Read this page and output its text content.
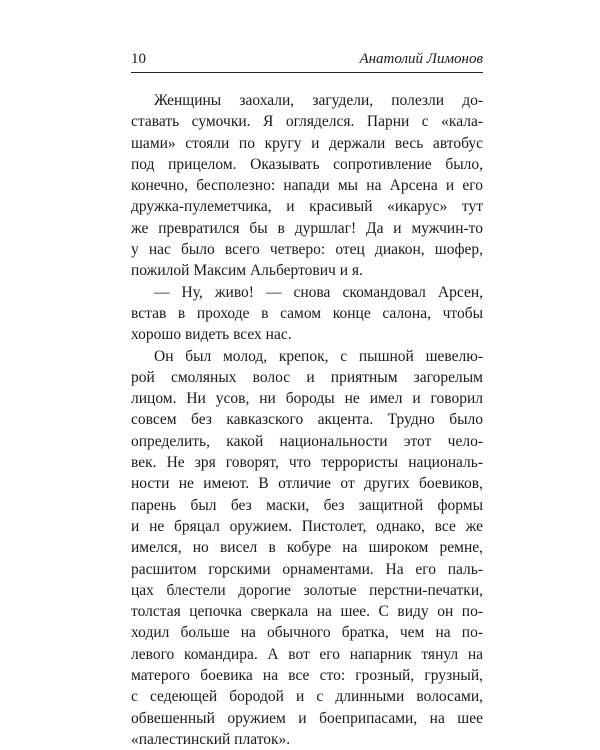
10	Анатолий Лимонов

Женщины заохали, загудели, полезли до-
ставать сумочки. Я огляделся. Парни с «кала-
шами» стояли по кругу и держали весь автобус
под прицелом. Оказывать сопротивление было,
конечно, бесполезно: напади мы на Арсена и его
дружка-пулеметчика, и красивый «икарус» тут
же превратился бы в дуршлаг! Да и мужчин-то
у нас было всего четверо: отец диакон, шофер,
пожилой Максим Альбертович и я.

— Ну, живо! — снова скомандовал Арсен,
встав в проходе в самом конце салона, чтобы
хорошо видеть всех нас.

Он был молод, крепок, с пышной шевелю-
рой смоляных волос и приятным загорелым
лицом. Ни усов, ни бороды не имел и говорил
совсем без кавказского акцента. Трудно было
определить, какой национальности этот чело-
век. Не зря говорят, что террористы националь-
ности не имеют. В отличие от других боевиков,
парень был без маски, без защитной формы
и не бряцал оружием. Пистолет, однако, все же
имелся, но висел в кобуре на широком ремне,
расшитом горскими орнаментами. На его паль-
цах блестели дорогие золотые перстни-печатки,
толстая цепочка сверкала на шее. С виду он по-
ходил больше на обычного братка, чем на по-
левого командира. А вот его напарник тянул на
матерого боевика на все сто: грозный, грузный,
с седеющей бородой и с длинными волосами,
обвешенный оружием и боеприпасами, на шее
«палестинский платок».
